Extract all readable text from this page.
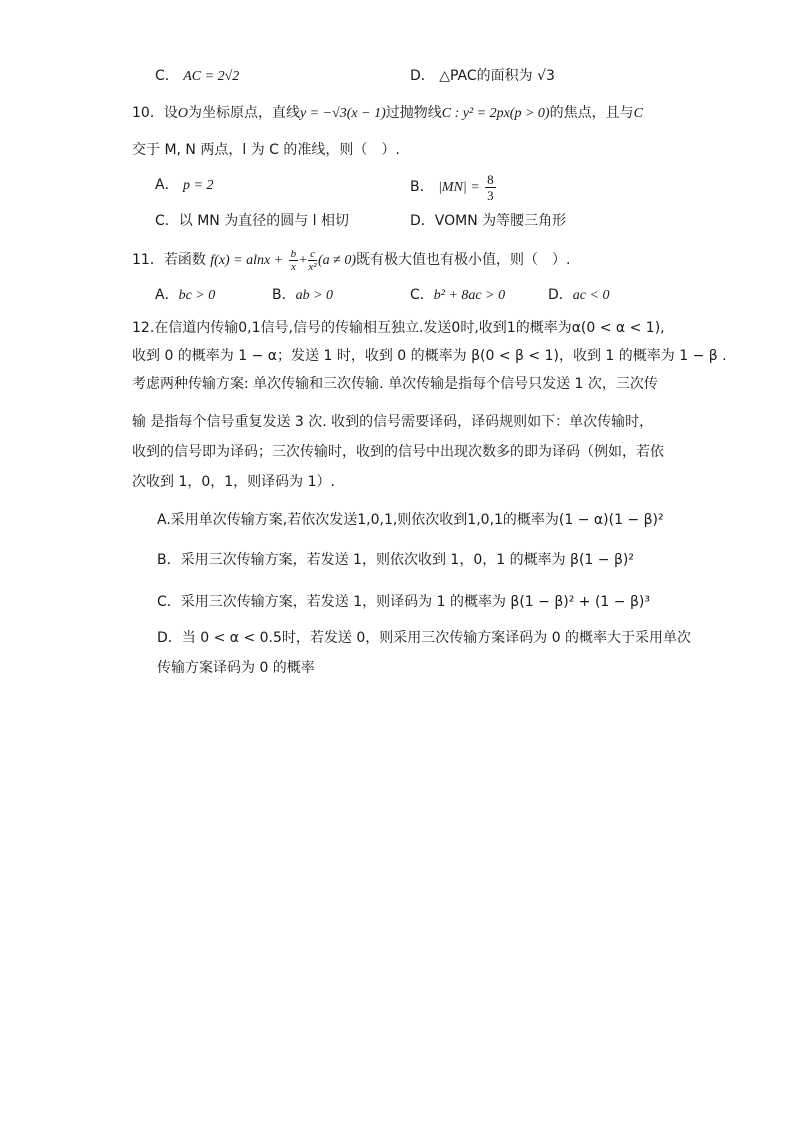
C． AC = 2√2	D． △PAC的面积为 √3
10．设O为坐标原点，直线y = −√3(x − 1)过抛物线C : y² = 2px(p > 0)的焦点，且与C
交于 M, N 两点，l 为 C 的准线，则（　）.
A． p = 2	B． $|MN| = \frac{8}{3}$
C．以 MN 为直径的圆与 l 相切	D．VOMN 为等腰三角形
11．若函数 $f(x) = alnx + \frac{b}{x} + \frac{c}{\text{x²}} (a \ne 0)$既有极大值也有极小值，则（　）.
A．bc > 0	B．ab > 0	C．b² + 8ac > 0	D．ac < 0
12.在信道内传输0,1信号,信号的传输相互独立.发送0时,收到1的概率为α(0 < α < 1),
收到 0 的概率为 1 − α；发送 1 时，收到 0 的概率为 β(0 < β < 1)，收到 1 的概率为 1 − β .
考虑两种传输方案: 单次传输和三次传输. 单次传输是指每个信号只发送 1 次，三次传
输 是指每个信号重复发送 3 次. 收到的信号需要译码，译码规则如下：单次传输时，
收到的信号即为译码；三次传输时，收到的信号中出现次数多的即为译码（例如，若依
次收到 1，0，1，则译码为 1）.
A.采用单次传输方案,若依次发送1,0,1,则依次收到1,0,1的概率为(1 − α)(1 − β)²
B．采用三次传输方案，若发送 1，则依次收到 1，0，1 的概率为 β(1 − β)²
C．采用三次传输方案，若发送 1，则译码为 1 的概率为 β(1 − β)² + (1 − β)³
D．当 0 < α < 0.5时，若发送 0，则采用三次传输方案译码为 0 的概率大于采用单次
传输方案译码为 0 的概率
